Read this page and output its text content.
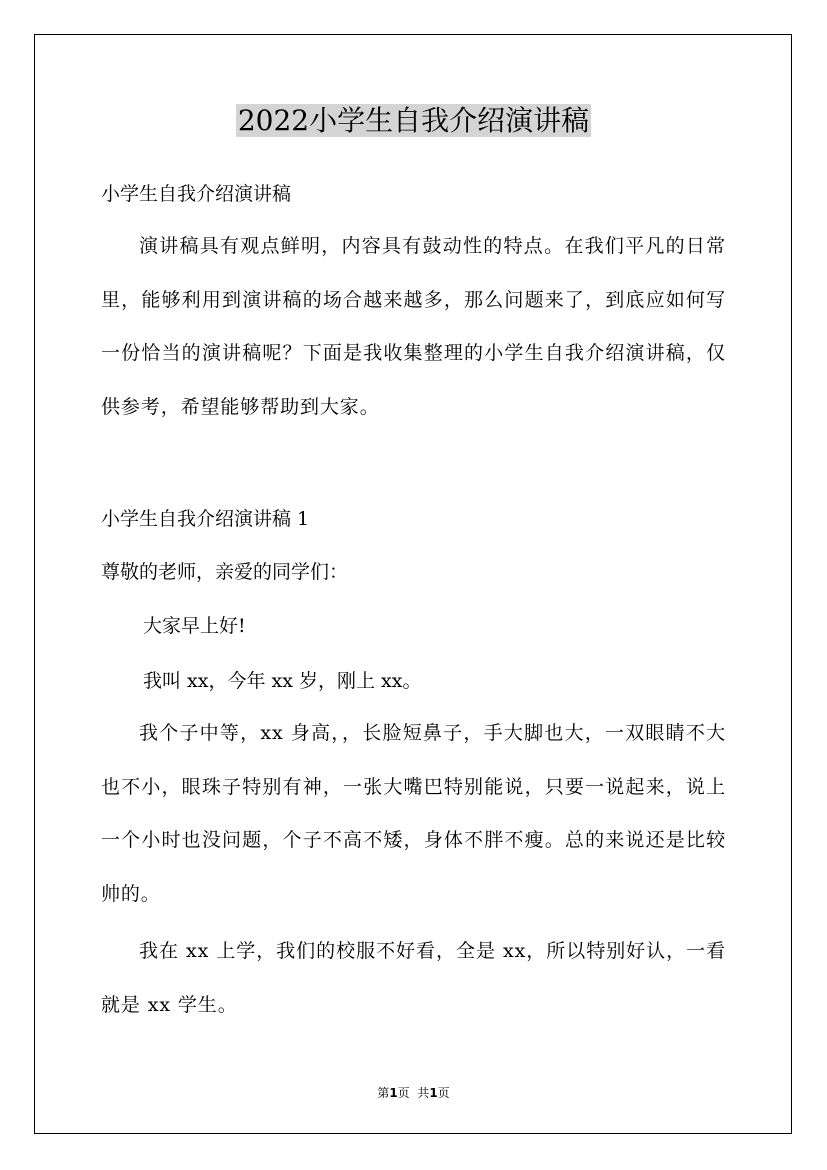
2022小学生自我介绍演讲稿
小学生自我介绍演讲稿
演讲稿具有观点鲜明，内容具有鼓动性的特点。在我们平凡的日常里，能够利用到演讲稿的场合越来越多，那么问题来了，到底应如何写一份恰当的演讲稿呢？下面是我收集整理的小学生自我介绍演讲稿，仅供参考，希望能够帮助到大家。
小学生自我介绍演讲稿 1
尊敬的老师，亲爱的同学们：
大家早上好!
我叫 xx，今年 xx 岁，刚上 xx。
我个子中等，xx 身高，，长脸短鼻子，手大脚也大，一双眼睛不大也不小，眼珠子特别有神，一张大嘴巴特别能说，只要一说起来，说上一个小时也没问题，个子不高不矮，身体不胖不瘦。总的来说还是比较帅的。
我在 xx 上学，我们的校服不好看，全是 xx，所以特别好认，一看就是 xx 学生。
第1页  共1页
